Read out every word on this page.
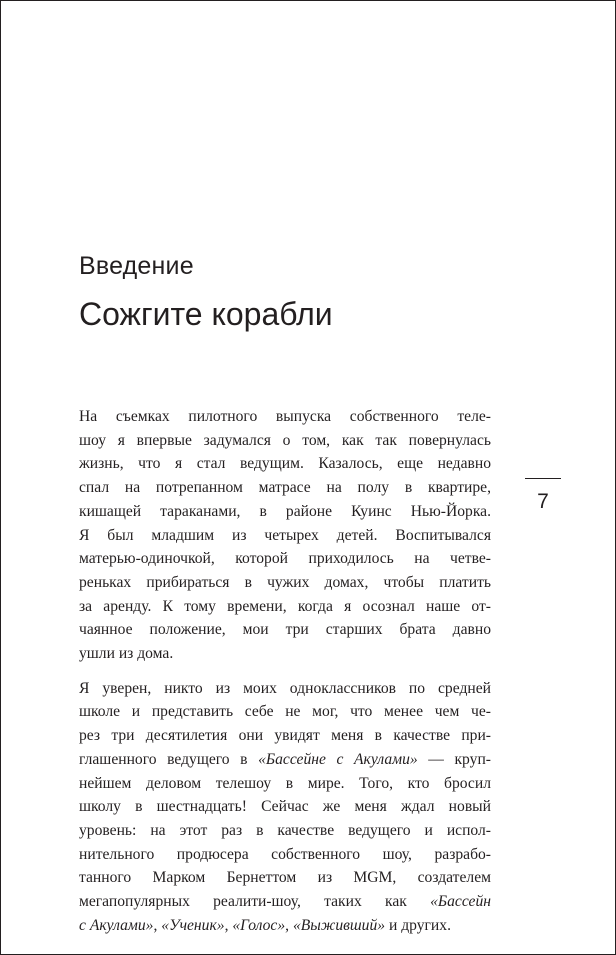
Введение
Сожгите корабли

На съемках пилотного выпуска собственного теле-
шоу я впервые задумался о том, как так повернулась
жизнь, что я стал ведущим. Казалось, еще недавно
спал на потрепанном матрасе на полу в квартире,
кишащей тараканами, в районе Куинс Нью-Йорка.
Я был младшим из четырех детей. Воспитывался
матерью-одиночкой, которой приходилось на четве-
реньках прибираться в чужих домах, чтобы платить
за аренду. К тому времени, когда я осознал наше от-
чаянное положение, мои три старших брата давно
ушли из дома.

Я уверен, никто из моих одноклассников по средней
школе и представить себе не мог, что менее чем че-
рез три десятилетия они увидят меня в качестве при-
глашенного ведущего в «Бассейне с Акулами» — круп-
нейшем деловом телешоу в мире. Того, кто бросил
школу в шестнадцать! Сейчас же меня ждал новый
уровень: на этот раз в качестве ведущего и испол-
нительного продюсера собственного шоу, разрабо-
танного Марком Бернеттом из MGM, создателем
мегапопулярных реалити-шоу, таких как «Бассейн
с Акулами», «Ученик», «Голос», «Выживший» и других.

7
